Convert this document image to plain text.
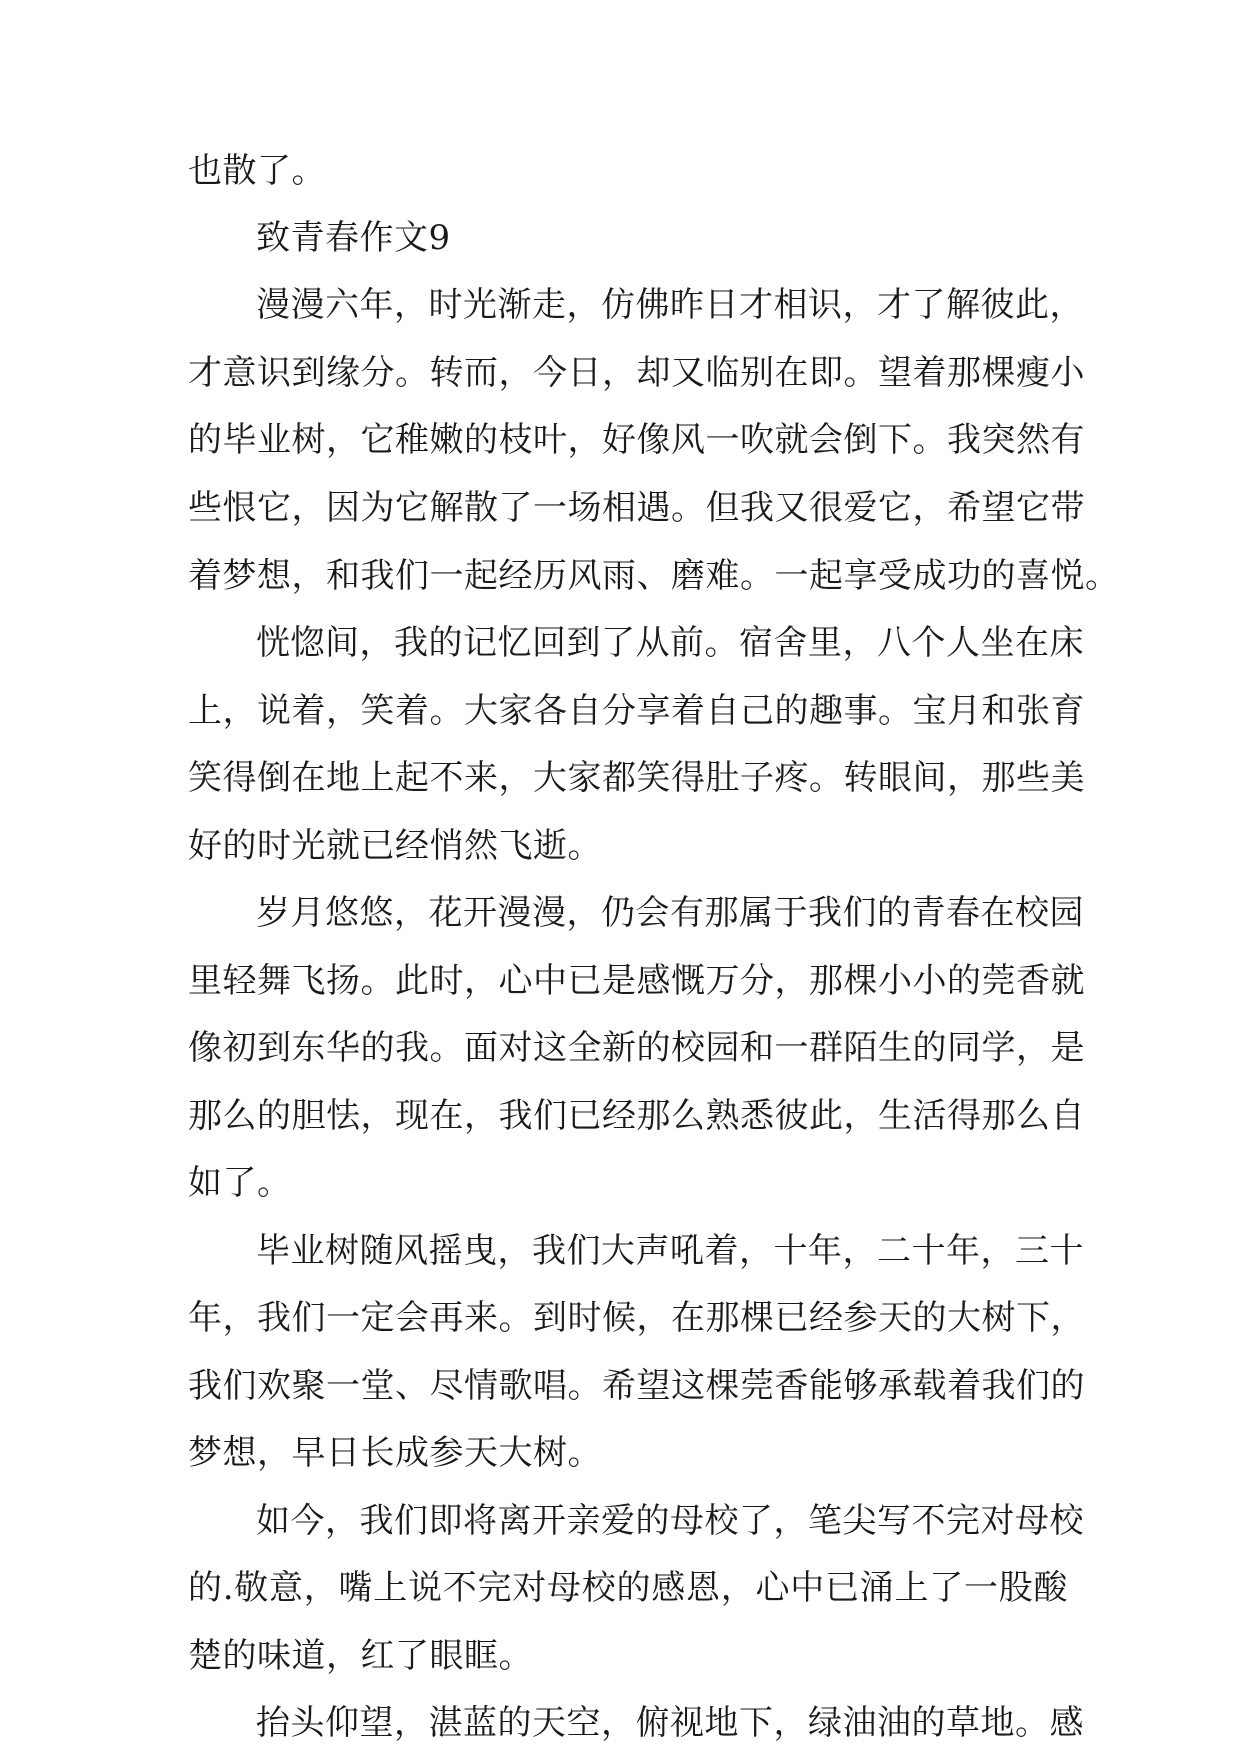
也散了。
致青春作文9
漫漫六年，时光渐走，仿佛昨日才相识，才了解彼此，
才意识到缘分。转而，今日，却又临别在即。望着那棵瘦小
的毕业树，它稚嫩的枝叶，好像风一吹就会倒下。我突然有
些恨它，因为它解散了一场相遇。但我又很爱它，希望它带
着梦想，和我们一起经历风雨、磨难。一起享受成功的喜悦。
恍惚间，我的记忆回到了从前。宿舍里，八个人坐在床
上，说着，笑着。大家各自分享着自己的趣事。宝月和张育
笑得倒在地上起不来，大家都笑得肚子疼。转眼间，那些美
好的时光就已经悄然飞逝。
岁月悠悠，花开漫漫，仍会有那属于我们的青春在校园
里轻舞飞扬。此时，心中已是感慨万分，那棵小小的莞香就
像初到东华的我。面对这全新的校园和一群陌生的同学，是
那么的胆怯，现在，我们已经那么熟悉彼此，生活得那么自
如了。
毕业树随风摇曳，我们大声吼着，十年，二十年，三十
年，我们一定会再来。到时候，在那棵已经参天的大树下，
我们欢聚一堂、尽情歌唱。希望这棵莞香能够承载着我们的
梦想，早日长成参天大树。
如今，我们即将离开亲爱的母校了，笔尖写不完对母校
的.敬意，嘴上说不完对母校的感恩，心中已涌上了一股酸
楚的味道，红了眼眶。
抬头仰望，湛蓝的天空，俯视地下，绿油油的草地。感
